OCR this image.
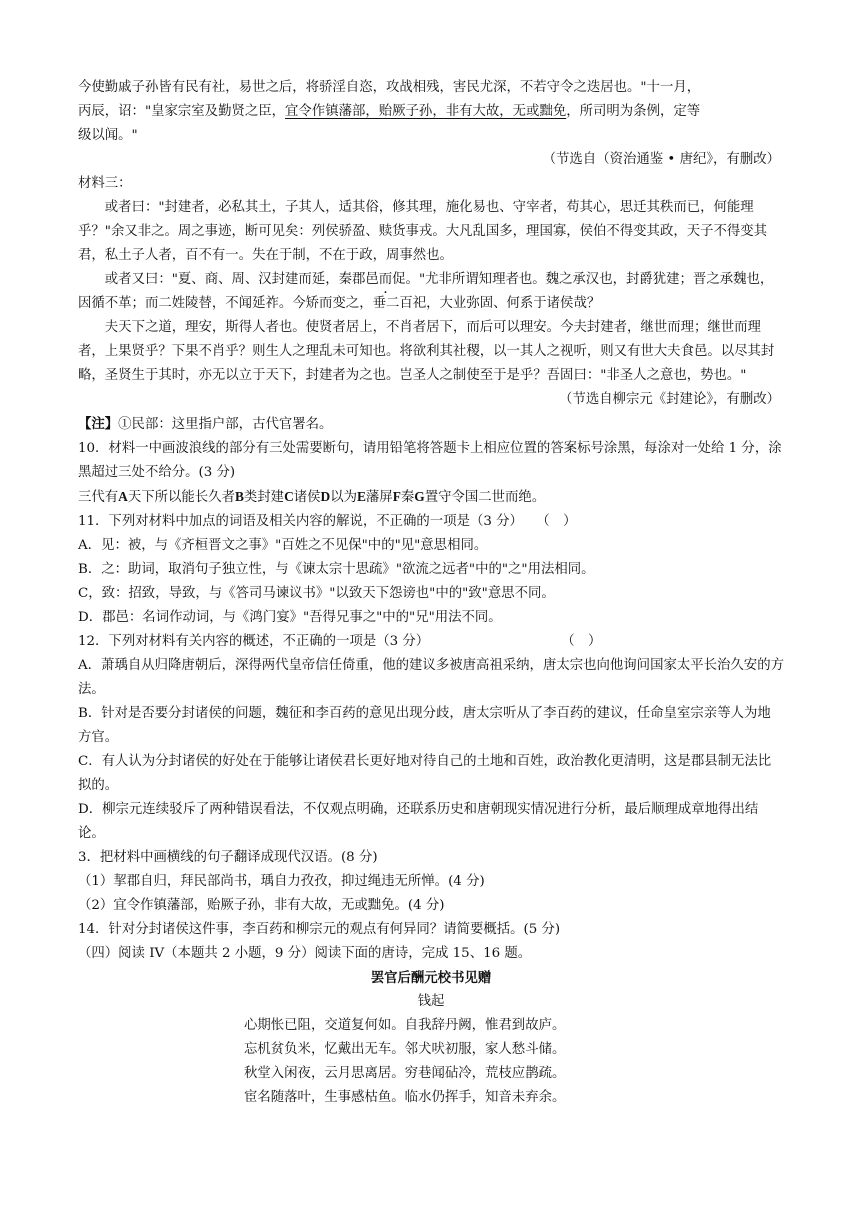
今使勤戚子孙皆有民有社，易世之后，将骄淫自恣，攻战相残，害民尤深，不若守令之迭居也。"十一月，

丙辰，诏："皇家宗室及勤贤之臣，宜令作镇藩部，贻厥子孙，非有大故，无或黜免，所司明为条例，定等

级以闻。"

（节选自（资治通鉴 • 唐纪》，有删改）

材料三：

或者曰："封建者，必私其土，子其人，适其俗，修其理，施化易也、守宰者，苟其心，思迁其秩而已，何能理乎？"余又非之。周之事迹，断可见矣：列侯骄盈、赎货事戎。大凡乱国多，理国寡，侯伯不得变其政，天子不得变其君，私土子人者，百不有一。失在于制，不在于政，周事然也。

或者又曰："夏、商、周、汉封建而延，秦郡邑而促。"尤非所谓知理者也。魏之承汉也，封爵犹建；晋之承魏也，因循不革；而二姓陵替，不闻延祚。今矫而变之，垂二百祀，大业弥固、何系于诸侯哉？

夫天下之道，理安，斯得人者也。使贤者居上，不肖者居下，而后可以理安。今夫封建者，继世而理；继世而理者，上果贤乎？下果不肖乎？则生人之理乱未可知也。将欲利其社稷，以一其人之视听，则又有世大夫食邑。以尽其封略，圣贤生于其时，亦无以立于天下，封建者为之也。岂圣人之制使至于是乎？吾固曰："非圣人之意也，势也。"

（节选自柳宗元《封建论》，有删改）

【注】①民部：这里指户部，古代官署名。

10．材料一中画波浪线的部分有三处需要断句，请用铅笔将答题卡上相应位置的答案标号涂黑，每涂对一处给 1 分，涂黑超过三处不给分。(3 分)

三代有A天下所以能长久者B类封建C诸侯D以为E藩屏F秦G置守令国二世而绝。

11．下列对材料中加点的词语及相关内容的解说，不正确的一项是（3 分）　　（　）

A．见：被，与《齐桓晋文之事》"百姓之不见保"中的"见"意思相同。

B．之：助词，取消句子独立性，与《谏太宗十思疏》"欲流之远者"中的"之"用法相同。

C，致：招致，导致，与《答司马谏议书》"以致天下怨谤也"中的"致"意思不同。

D．郡邑：名词作动词，与《鸿门宴》"吾得兄事之"中的"兄"用法不同。

12．下列对材料有关内容的概述，不正确的一项是（3 分）	（　）

A．萧瑀自从归降唐朝后，深得两代皇帝信任倚重，他的建议多被唐高祖采纳，唐太宗也向他询问国家太平长治久安的方法。

B．针对是否要分封诸侯的问题，魏征和李百药的意见出现分歧，唐太宗听从了李百药的建议，任命皇室宗亲等人为地方官。

C．有人认为分封诸侯的好处在于能够让诸侯君长更好地对待自己的土地和百姓，政治教化更清明，这是郡县制无法比拟的。

D．柳宗元连续驳斥了两种错误看法，不仅观点明确，还联系历史和唐朝现实情况进行分析，最后顺理成章地得出结论。

3．把材料中画横线的句子翻译成现代汉语。(8 分)

（1）挈郡自归，拜民部尚书，瑀自力孜孜，抑过绳违无所惮。(4 分)

（2）宜令作镇藩部，贻厥子孙，非有大故，无或黜免。(4 分)

14．针对分封诸侯这件事，李百药和柳宗元的观点有何异同？请简要概括。(5 分)

（四）阅读 IV（本题共 2 小题，9 分）阅读下面的唐诗，完成 15、16 题。

罢官后酬元校书见赠

钱起

心期怅已阻，交道复何如。自我辞丹阙，惟君到故庐。

忘机贫负米，忆戴出无车。邻犬吠初服，家人愁斗储。

秋堂入闲夜，云月思离居。穷巷闻砧冷，荒枝应鹊疏。

宦名随落叶，生事感枯鱼。临水仍挥手，知音未弃余。
